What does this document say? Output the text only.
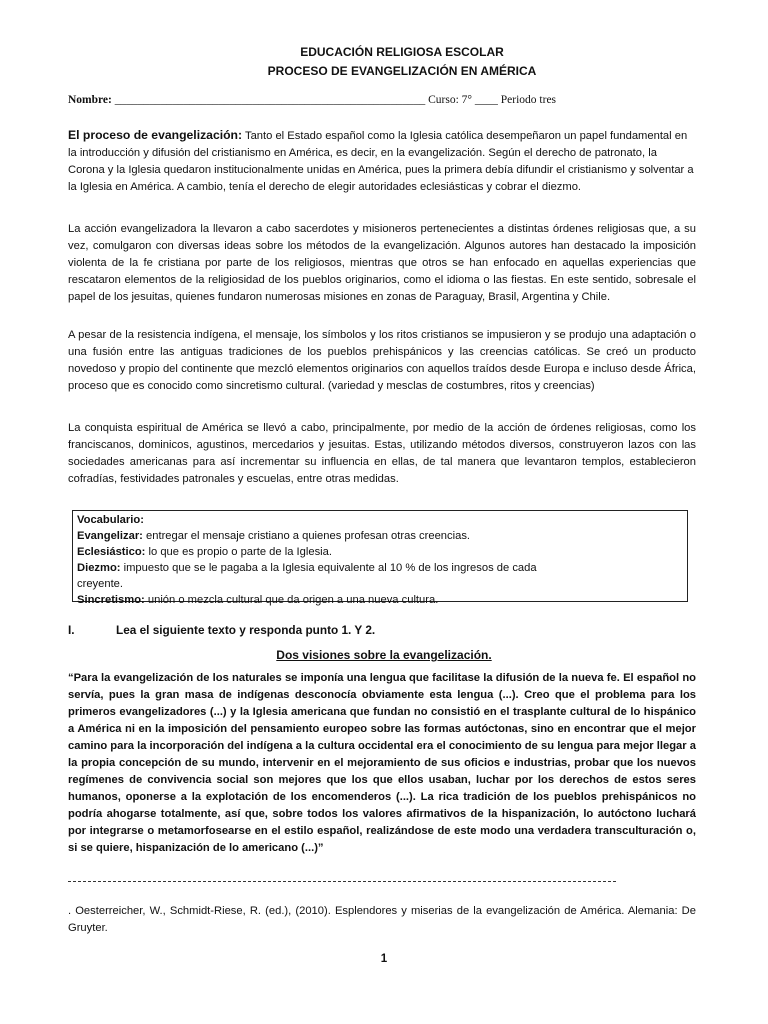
EDUCACIÓN RELIGIOSA ESCOLAR
PROCESO DE EVANGELIZACIÓN EN AMÉRICA
Nombre: ______________________________________________________ Curso: 7° ____ Periodo tres
El proceso de evangelización: Tanto el Estado español como la Iglesia católica desempeñaron un papel fundamental en la introducción y difusión del cristianismo en América, es decir, en la evangelización. Según el derecho de patronato, la Corona y la Iglesia quedaron institucionalmente unidas en América, pues la primera debía difundir el cristianismo y solventar a la Iglesia en América. A cambio, tenía el derecho de elegir autoridades eclesiásticas y cobrar el diezmo.
La acción evangelizadora la llevaron a cabo sacerdotes y misioneros pertenecientes a distintas órdenes religiosas que, a su vez, comulgaron con diversas ideas sobre los métodos de la evangelización. Algunos autores han destacado la imposición violenta de la fe cristiana por parte de los religiosos, mientras que otros se han enfocado en aquellas experiencias que rescataron elementos de la religiosidad de los pueblos originarios, como el idioma o las fiestas. En este sentido, sobresale el papel de los jesuitas, quienes fundaron numerosas misiones en zonas de Paraguay, Brasil, Argentina y Chile.
A pesar de la resistencia indígena, el mensaje, los símbolos y los ritos cristianos se impusieron y se produjo una adaptación o una fusión entre las antiguas tradiciones de los pueblos prehispánicos y las creencias católicas. Se creó un producto novedoso y propio del continente que mezcló elementos originarios con aquellos traídos desde Europa e incluso desde África, proceso que es conocido como sincretismo cultural. (variedad y mesclas de costumbres, ritos y creencias)
La conquista espiritual de América se llevó a cabo, principalmente, por medio de la acción de órdenes religiosas, como los franciscanos, dominicos, agustinos, mercedarios y jesuitas. Estas, utilizando métodos diversos, construyeron lazos con las sociedades americanas para así incrementar su influencia en ellas, de tal manera que levantaron templos, establecieron cofradías, festividades patronales y escuelas, entre otras medidas.
Vocabulario:
Evangelizar: entregar el mensaje cristiano a quienes profesan otras creencias.
Eclesiástico: lo que es propio o parte de la Iglesia.
Diezmo: impuesto que se le pagaba a la Iglesia equivalente al 10 % de los ingresos de cada
creyente.
Sincretismo: unión o mezcla cultural que da origen a una nueva cultura.
I.	Lea el siguiente texto y responda punto 1. Y 2.
Dos visiones sobre la evangelización.
“Para la evangelización de los naturales se imponía una lengua que facilitase la difusión de la nueva fe. El español no servía, pues la gran masa de indígenas desconocía obviamente esta lengua (...). Creo que el problema para los primeros evangelizadores (...) y la Iglesia americana que fundan no consistió en el trasplante cultural de lo hispánico a América ni en la imposición del pensamiento europeo sobre las formas autóctonas, sino en encontrar que el mejor camino para la incorporación del indígena a la cultura occidental era el conocimiento de su lengua para mejor llegar a la propia concepción de su mundo, intervenir en el mejoramiento de sus oficios e industrias, probar que los nuevos regímenes de convivencia social son mejores que los que ellos usaban, luchar por los derechos de estos seres humanos, oponerse a la explotación de los encomenderos (...). La rica tradición de los pueblos prehispánicos no podría ahogarse totalmente, así que, sobre todos los valores afirmativos de la hispanización, lo autóctono luchará por integrarse o metamorfosearse en el estilo español, realizándose de este modo una verdadera transculturación o, si se quiere, hispanización de lo americano (...)”
. Oesterreicher, W., Schmidt-Riese, R. (ed.), (2010). Esplendores y miserias de la evangelización de América. Alemania: De Gruyter.
1
